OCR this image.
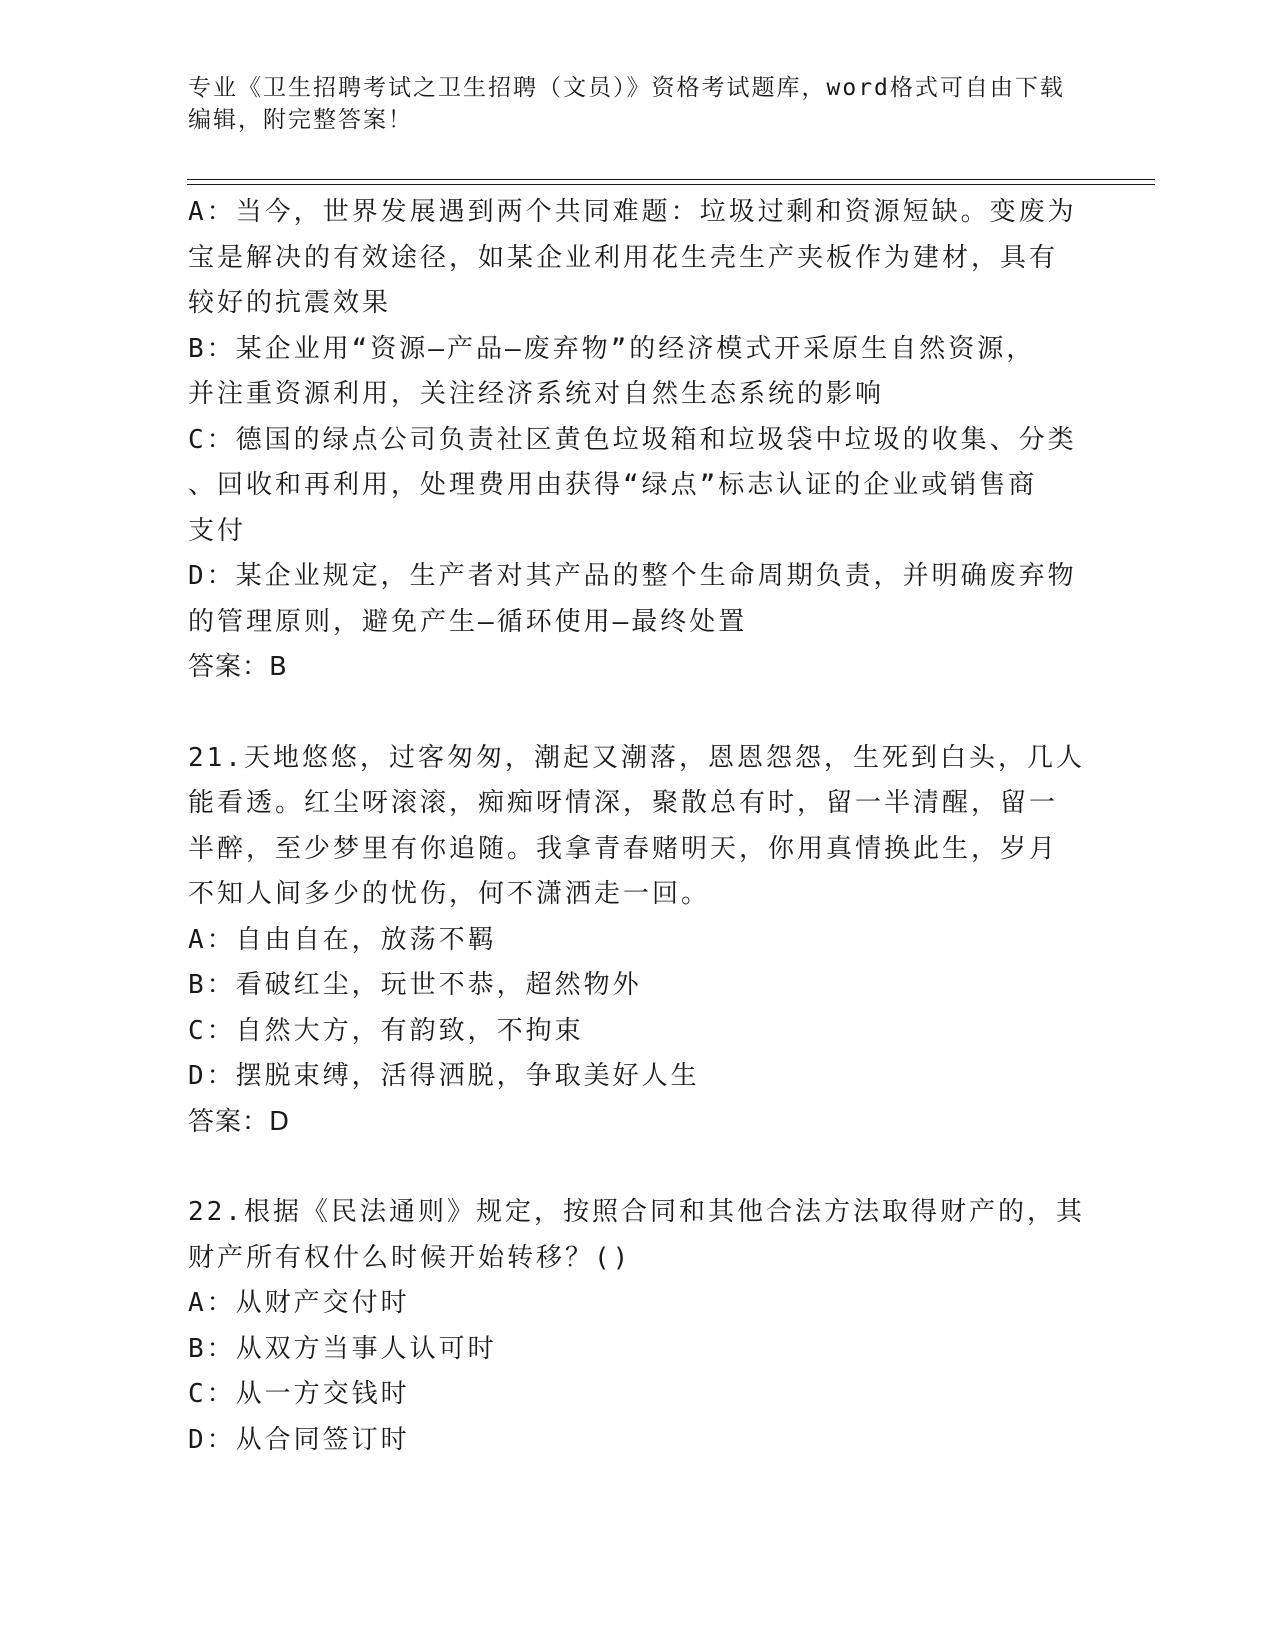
专业《卫生招聘考试之卫生招聘（文员）》资格考试题库，word格式可自由下载
编辑，附完整答案！
A：当今，世界发展遇到两个共同难题：垃圾过剩和资源短缺。变废为
宝是解决的有效途径，如某企业利用花生壳生产夹板作为建材，具有
较好的抗震效果
B：某企业用“资源—产品—废弃物”的经济模式开采原生自然资源，
并注重资源利用，关注经济系统对自然生态系统的影响
C：德国的绿点公司负责社区黄色垃圾箱和垃圾袋中垃圾的收集、分类
、回收和再利用，处理费用由获得“绿点”标志认证的企业或销售商
支付
D：某企业规定，生产者对其产品的整个生命周期负责，并明确废弃物
的管理原则，避免产生—循环使用—最终处置
答案：B
21.天地悠悠，过客匆匆，潮起又潮落，恩恩怨怨，生死到白头，几人
能看透。红尘呀滚滚，痴痴呀情深，聚散总有时，留一半清醒，留一
半醉，至少梦里有你追随。我拿青春赌明天，你用真情换此生，岁月
不知人间多少的忧伤，何不潇洒走一回。
A：自由自在，放荡不羁
B：看破红尘，玩世不恭，超然物外
C：自然大方，有韵致，不拘束
D：摆脱束缚，活得洒脱，争取美好人生
答案：D
22.根据《民法通则》规定，按照合同和其他合法方法取得财产的，其
财产所有权什么时候开始转移？()
A：从财产交付时
B：从双方当事人认可时
C：从一方交钱时
D：从合同签订时
